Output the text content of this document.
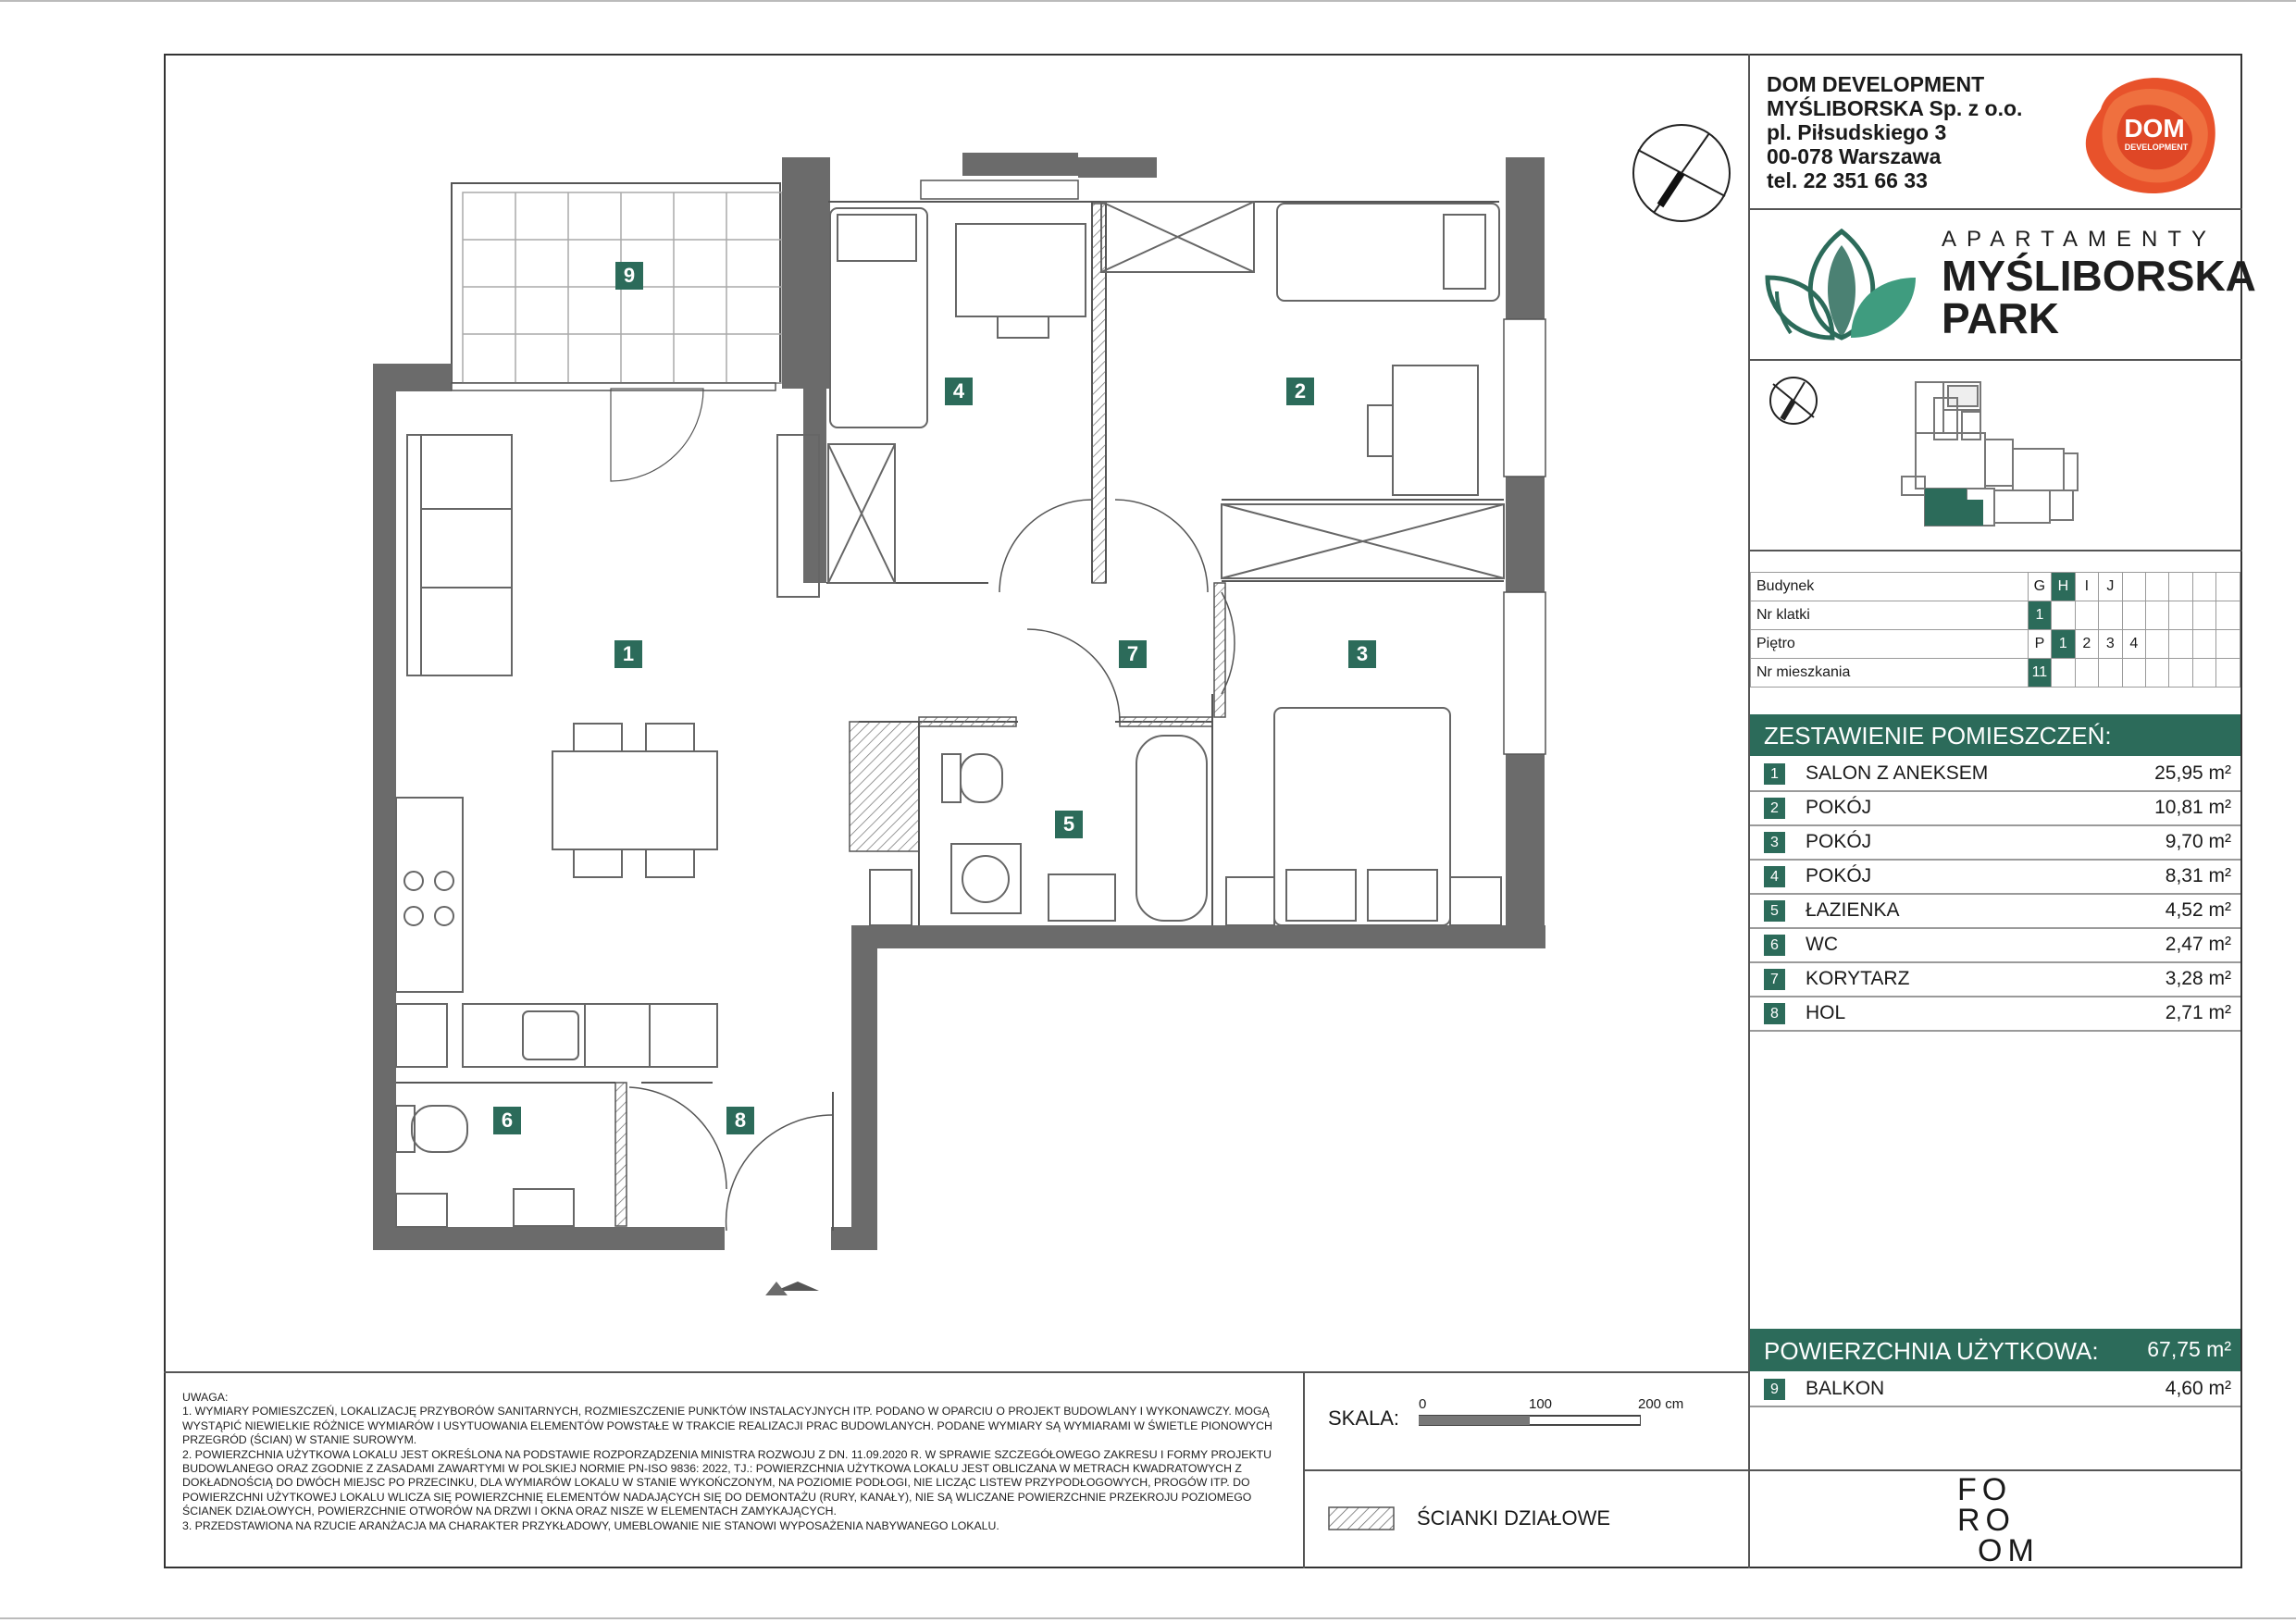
DOM DEVELOPMENT
MYŚLIBORSKA Sp. z o.o.
pl. Piłsudskiego 3
00-078 Warszawa
tel. 22 351 66 33
DOM
DEVELOPMENT
APARTAMENTY
MYŚLIBORSKA
PARK
Budynek	G	H	I	J					
Nr klatki	1								
Piętro	P	1	2	3	4				
Nr mieszkania	11								
ZESTAWIENIE POMIESZCZEŃ:
1	SALON Z ANEKSEM	25,95 m²
2	POKÓJ	10,81 m²
3	POKÓJ	9,70 m²
4	POKÓJ	8,31 m²
5	ŁAZIENKA	4,52 m²
6	WC	2,47 m²
7	KORYTARZ	3,28 m²
8	HOL	2,71 m²
POWIERZCHNIA UŻYTKOWA: 67,75 m²
9	BALKON	4,60 m²
UWAGA:
1. WYMIARY POMIESZCZEŃ, LOKALIZACJĘ PRZYBORÓW SANITARNYCH, ROZMIESZCZENIE PUNKTÓW INSTALACYJNYCH ITP. PODANO W OPARCIU O PROJEKT BUDOWLANY I WYKONAWCZY. MOGĄ WYSTĄPIĆ NIEWIELKIE RÓŻNICE WYMIARÓW I USYTUOWANIA ELEMENTÓW POWSTAŁE W TRAKCIE REALIZACJI PRAC BUDOWLANYCH. PODANE WYMIARY SĄ WYMIARAMI W ŚWIETLE PIONOWYCH PRZEGRÓD (ŚCIAN) W STANIE SUROWYM.
2. POWIERZCHNIA UŻYTKOWA LOKALU JEST OKREŚLONA NA PODSTAWIE ROZPORZĄDZENIA MINISTRA ROZWOJU Z DN. 11.09.2020 R. W SPRAWIE SZCZEGÓŁOWEGO ZAKRESU I FORMY PROJEKTU BUDOWLANEGO ORAZ ZGODNIE Z ZASADAMI ZAWARTYMI W POLSKIEJ NORMIE PN-ISO 9836: 2022, TJ.: POWIERZCHNIA UŻYTKOWA LOKALU JEST OBLICZANA W METRACH KWADRATOWYCH Z DOKŁADNOŚCIĄ DO DWÓCH MIEJSC PO PRZECINKU, DLA WYMIARÓW LOKALU W STANIE WYKOŃCZONYM, NA POZIOMIE PODŁOGI, NIE LICZĄC LISTEW PRZYPODŁOGOWYCH, PROGÓW ITP. DO POWIERZCHNI UŻYTKOWEJ LOKALU WLICZA SIĘ POWIERZCHNIĘ ELEMENTÓW NADAJĄCYCH SIĘ DO DEMONTAŻU (RURY, KANAŁY), NIE SĄ WLICZANE POWIERZCHNIE PRZEKROJU POZIOMEGO ŚCIANEK DZIAŁOWYCH, POWIERZCHNIE OTWORÓW NA DRZWI I OKNA ORAZ NISZE W ELEMENTACH ZAMYKAJĄCYCH.
3. PRZEDSTAWIONA NA RZUCIE ARANŻACJA MA CHARAKTER PRZYKŁADOWY, UMEBLOWANIE NIE STANOWI WYPOSAŻENIA NABYWANEGO LOKALU.
SKALA:
0	100	200 cm
ŚCIANKI DZIAŁOWE
FO
RO
OM
9
4	2
1	7	3
5
6	8
